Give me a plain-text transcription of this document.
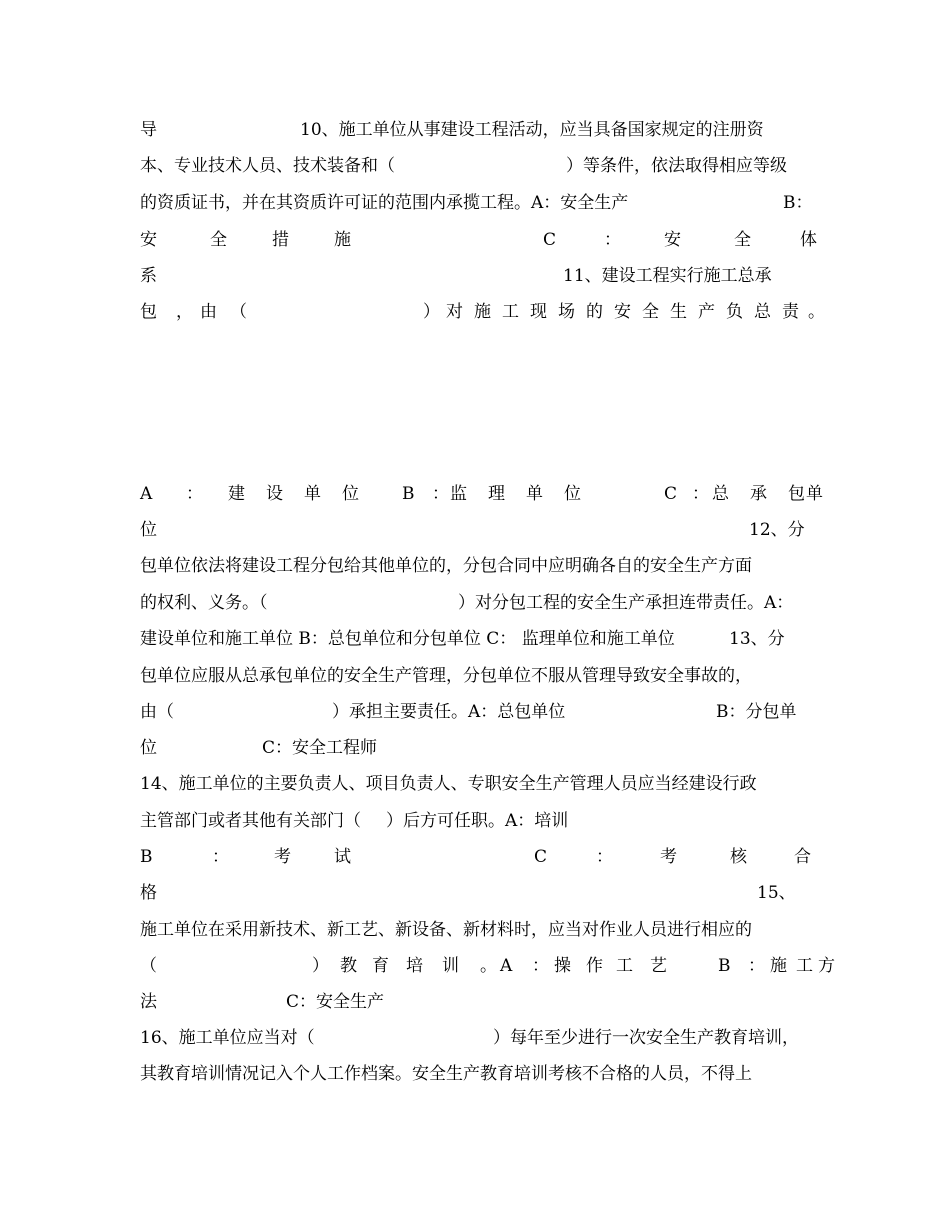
导	10、施工单位从事建设工程活动，应当具备国家规定的注册资
本、专业技术人员、技术装备和（	）等条件，依法取得相应等级
的资质证书，并在其资质许可证的范围内承揽工程。A：安全生产	B：
安	全	措	施	C	：	安	全	体
系	11、建设工程实行施工总承
包 ， 由 （	） 对 施 工 现 场 的 安 全 生 产 负 总 责 。
A ： 建 设 单 位	B ： 监 理 单 位	C ： 总 承 包 单
位	12、分
包单位依法将建设工程分包给其他单位的，分包合同中应明确各自的安全生产方面
的权利、义务。（	）对分包工程的安全生产承担连带责任。A：
建设单位和施工单位 B：总包单位和分包单位 C： 监理单位和施工单位	13、分
包单位应服从总承包单位的安全生产管理，分包单位不服从管理导致安全事故的，
由（	）承担主要责任。A：总包单位	B：分包单
位	C：安全工程师
14、施工单位的主要负责人、项目负责人、专职安全生产管理人员应当经建设行政
主管部门或者其他有关部门（ ）后方可任职。A：培训
B	：	考	试	C	：	考	核	合
格	15、
施工单位在采用新技术、新工艺、新设备、新材料时，应当对作业人员进行相应的
（	） 教 育 培 训 。 A ： 操 作 工 艺	B ： 施 工 方
法	C：安全生产
16、施工单位应当对（	）每年至少进行一次安全生产教育培训，
其教育培训情况记入个人工作档案。安全生产教育培训考核不合格的人员，不得上
